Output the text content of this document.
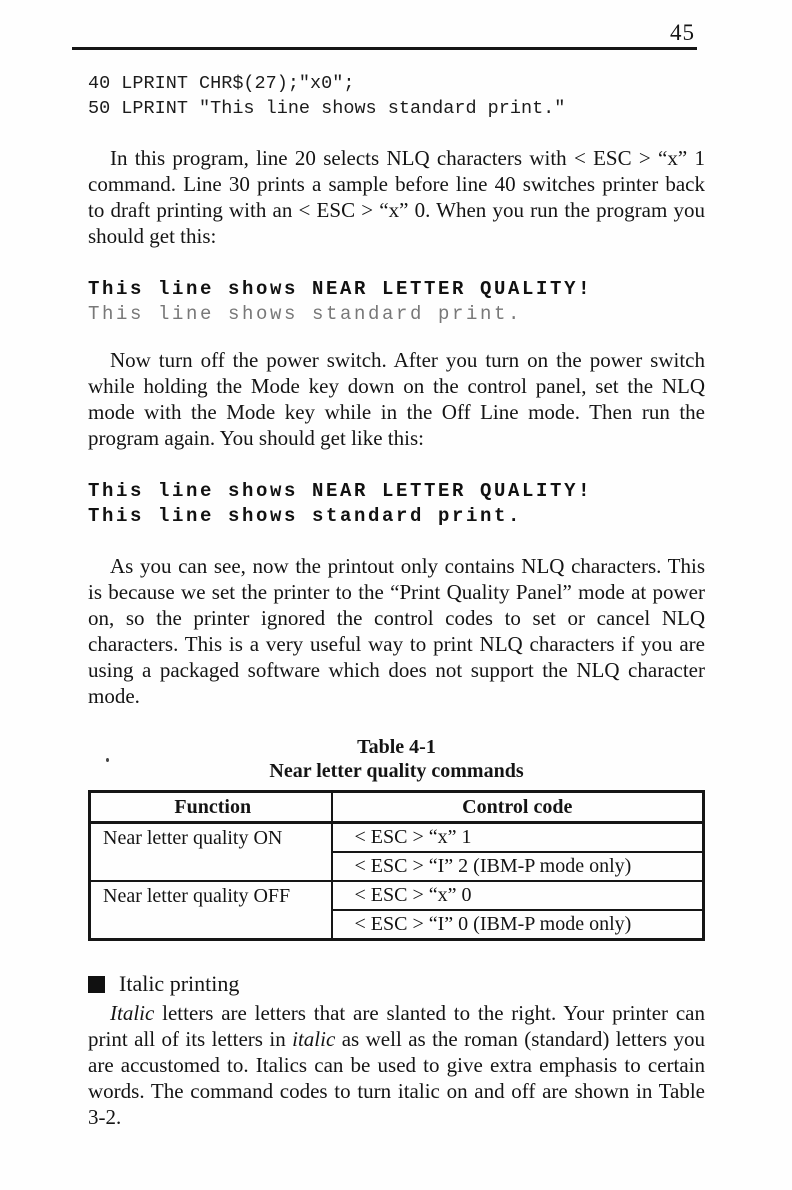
45
40 LPRINT CHR$(27);"x0";
50 LPRINT "This line shows standard print."
In this program, line 20 selects NLQ characters with < ESC > “x” 1 command. Line 30 prints a sample before line 40 switches printer back to draft printing with an < ESC > “x” 0. When you run the program you should get this:
This line shows NEAR LETTER QUALITY!
This line shows standard print.
Now turn off the power switch. After you turn on the power switch while holding the Mode key down on the control panel, set the NLQ mode with the Mode key while in the Off Line mode. Then run the program again. You should get like this:
This line shows NEAR LETTER QUALITY!
This line shows standard print.
As you can see, now the printout only contains NLQ characters. This is because we set the printer to the “Print Quality Panel” mode at power on, so the printer ignored the control codes to set or cancel NLQ characters. This is a very useful way to print NLQ characters if you are using a packaged software which does not support the NLQ character mode.
Table 4-1
Near letter quality commands
Function	Control code
Near letter quality ON	< ESC > “x” 1
	< ESC > “I” 2 (IBM-P mode only)
Near letter quality OFF	< ESC > “x” 0
	< ESC > “I” 0 (IBM-P mode only)
Italic printing
Italic letters are letters that are slanted to the right. Your printer can print all of its letters in italic as well as the roman (standard) letters you are accustomed to. Italics can be used to give extra emphasis to certain words. The command codes to turn italic on and off are shown in Table 3-2.
